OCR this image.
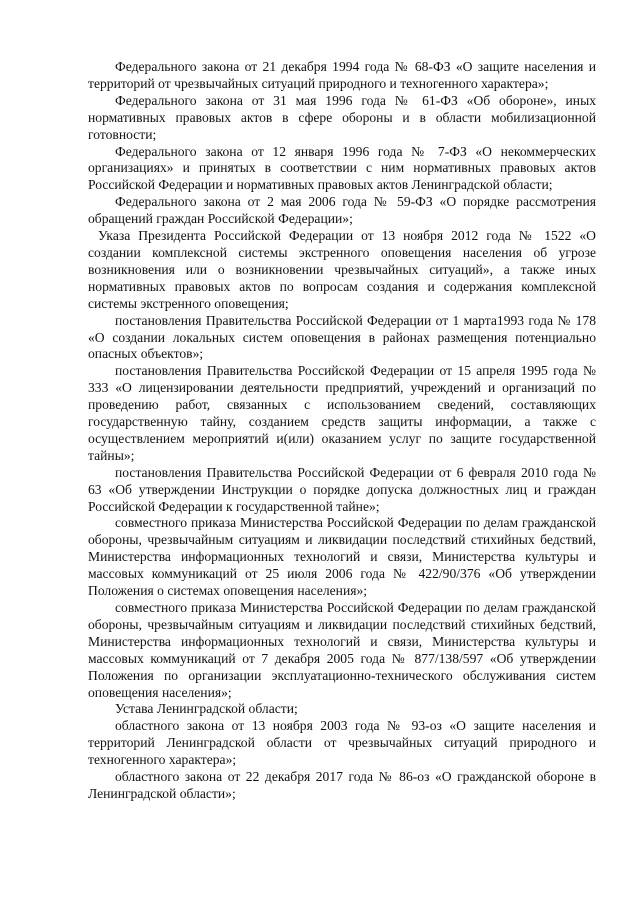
Федерального закона от 21 декабря 1994 года № 68-ФЗ «О защите населения и территорий от чрезвычайных ситуаций природного и техногенного характера»;

Федерального закона от 31 мая 1996 года № 61-ФЗ «Об обороне», иных нормативных правовых актов в сфере обороны и в области мобилизационной готовности;

Федерального закона от 12 января 1996 года № 7-ФЗ «О некоммерческих организациях» и принятых в соответствии с ним нормативных правовых актов Российской Федерации и нормативных правовых актов Ленинградской области;

Федерального закона от 2 мая 2006 года № 59-ФЗ «О порядке рассмотрения обращений граждан Российской Федерации»;

Указа Президента Российской Федерации от 13 ноября 2012 года № 1522 «О создании комплексной системы экстренного оповещения населения об угрозе возникновения или о возникновении чрезвычайных ситуаций», а также иных нормативных правовых актов по вопросам создания и содержания комплексной системы экстренного оповещения;

постановления Правительства Российской Федерации от 1 марта1993 года № 178 «О создании локальных систем оповещения в районах размещения потенциально опасных объектов»;

постановления Правительства Российской Федерации от 15 апреля 1995 года № 333 «О лицензировании деятельности предприятий, учреждений и организаций по проведению работ, связанных с использованием сведений, составляющих государственную тайну, созданием средств защиты информации, а также с осуществлением мероприятий и(или) оказанием услуг по защите государственной тайны»;

постановления Правительства Российской Федерации от 6 февраля 2010 года № 63 «Об утверждении Инструкции о порядке допуска должностных лиц и граждан Российской Федерации к государственной тайне»;

совместного приказа Министерства Российской Федерации по делам гражданской обороны, чрезвычайным ситуациям и ликвидации последствий стихийных бедствий, Министерства информационных технологий и связи, Министерства культуры и массовых коммуникаций от 25 июля 2006 года № 422/90/376 «Об утверждении Положения о системах оповещения населения»;

совместного приказа Министерства Российской Федерации по делам гражданской обороны, чрезвычайным ситуациям и ликвидации последствий стихийных бедствий, Министерства информационных технологий и связи, Министерства культуры и массовых коммуникаций от 7 декабря 2005 года № 877/138/597 «Об утверждении Положения по организации эксплуатационно-технического обслуживания систем оповещения населения»;

Устава Ленинградской области;

областного закона от 13 ноября 2003 года № 93-оз «О защите населения и территорий Ленинградской области от чрезвычайных ситуаций природного и техногенного характера»;

областного закона от 22 декабря 2017 года № 86-оз «О гражданской обороне в Ленинградской области»;
